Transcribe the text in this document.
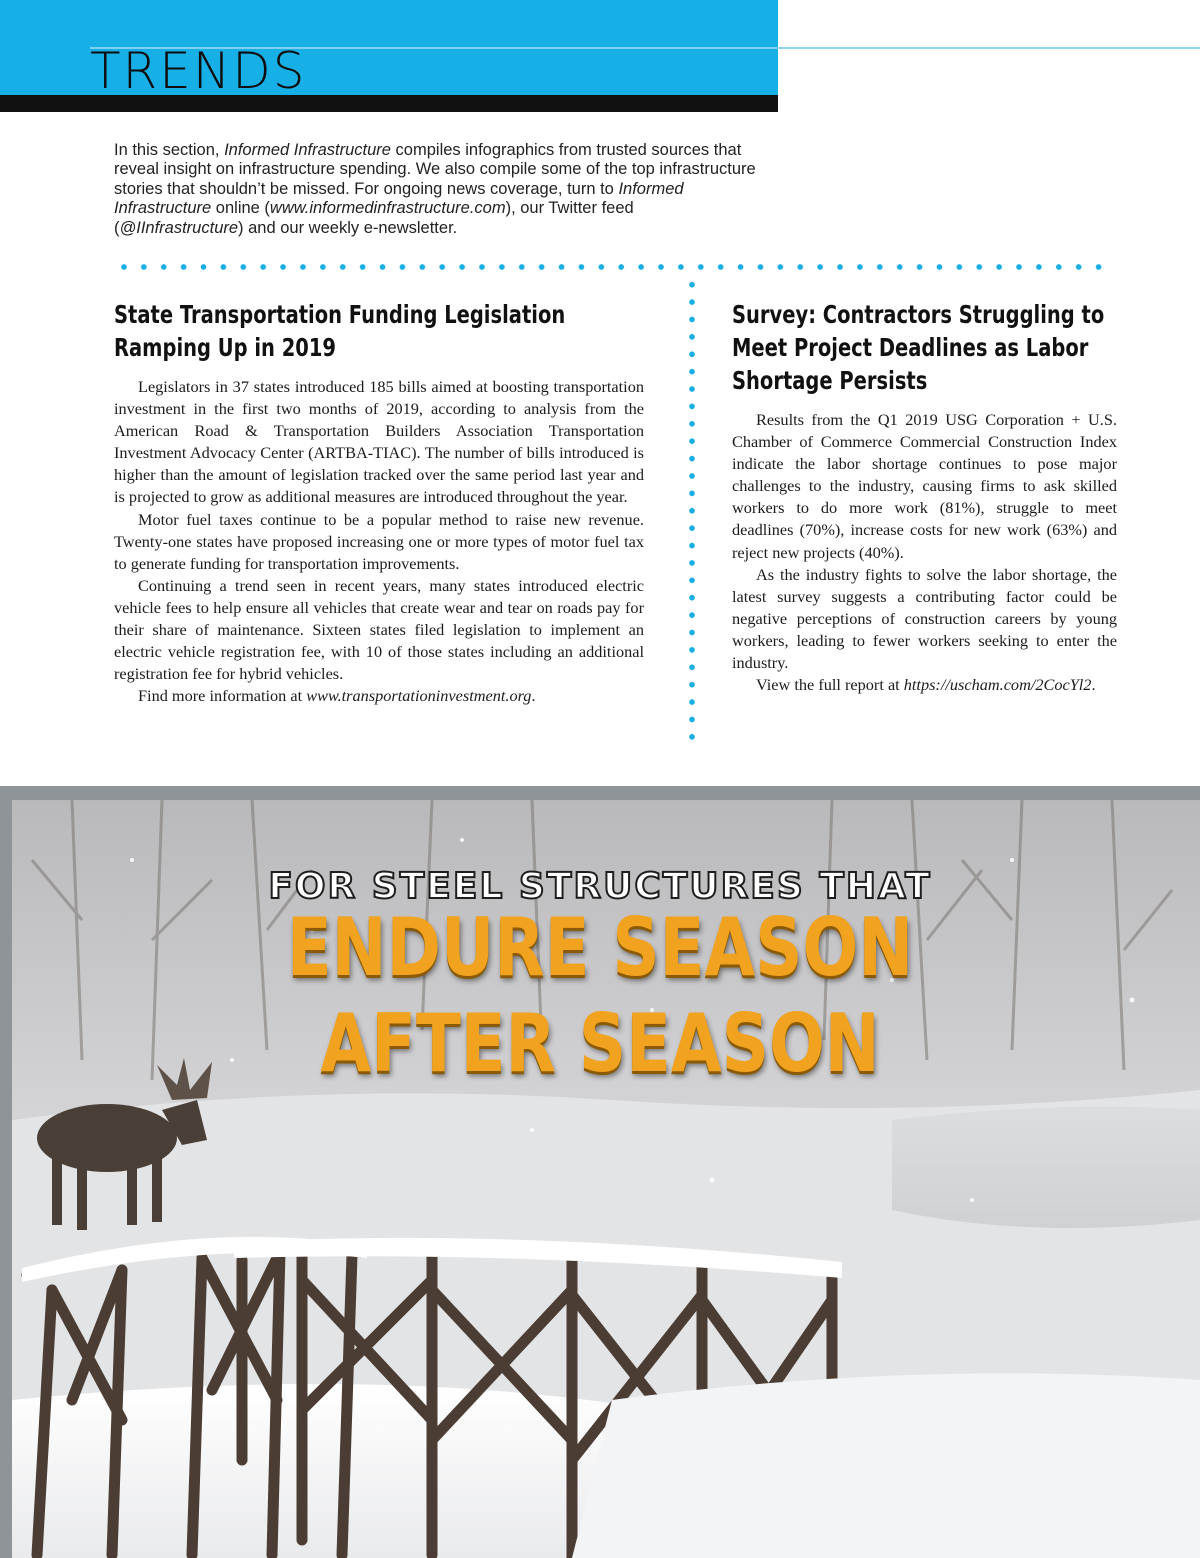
TRENDS

In this section, Informed Infrastructure compiles infographics from trusted sources that reveal insight on infrastructure spending. We also compile some of the top infrastructure stories that shouldn’t be missed. For ongoing news coverage, turn to Informed Infrastructure online (www.informedinfrastructure.com), our Twitter feed (@IInfrastructure) and our weekly e-newsletter.

State Transportation Funding Legislation Ramping Up in 2019

Legislators in 37 states introduced 185 bills aimed at boosting transportation investment in the first two months of 2019, according to analysis from the American Road & Transportation Builders Association Transportation Investment Advocacy Center (ARTBA-TIAC). The number of bills introduced is higher than the amount of legislation tracked over the same period last year and is projected to grow as additional measures are introduced throughout the year.

Motor fuel taxes continue to be a popular method to raise new revenue. Twenty-one states have proposed increasing one or more types of motor fuel tax to generate funding for transportation improvements.

Continuing a trend seen in recent years, many states introduced electric vehicle fees to help ensure all vehicles that create wear and tear on roads pay for their share of maintenance. Sixteen states filed legislation to implement an electric vehicle registration fee, with 10 of those states including an additional registration fee for hybrid vehicles.

Find more information at www.transportationinvestment.org.

Survey: Contractors Struggling to Meet Project Deadlines as Labor Shortage Persists

Results from the Q1 2019 USG Corporation + U.S. Chamber of Commerce Commercial Construction Index indicate the labor shortage continues to pose major challenges to the industry, causing firms to ask skilled workers to do more work (81%), struggle to meet deadlines (70%), increase costs for new work (63%) and reject new projects (40%).

As the industry fights to solve the labor shortage, the latest survey suggests a contributing factor could be negative perceptions of construction careers by young workers, leading to fewer workers seeking to enter the industry.

View the full report at https://uscham.com/2CocYl2.

FOR STEEL STRUCTURES THAT

ENDURE SEASON

AFTER SEASON
